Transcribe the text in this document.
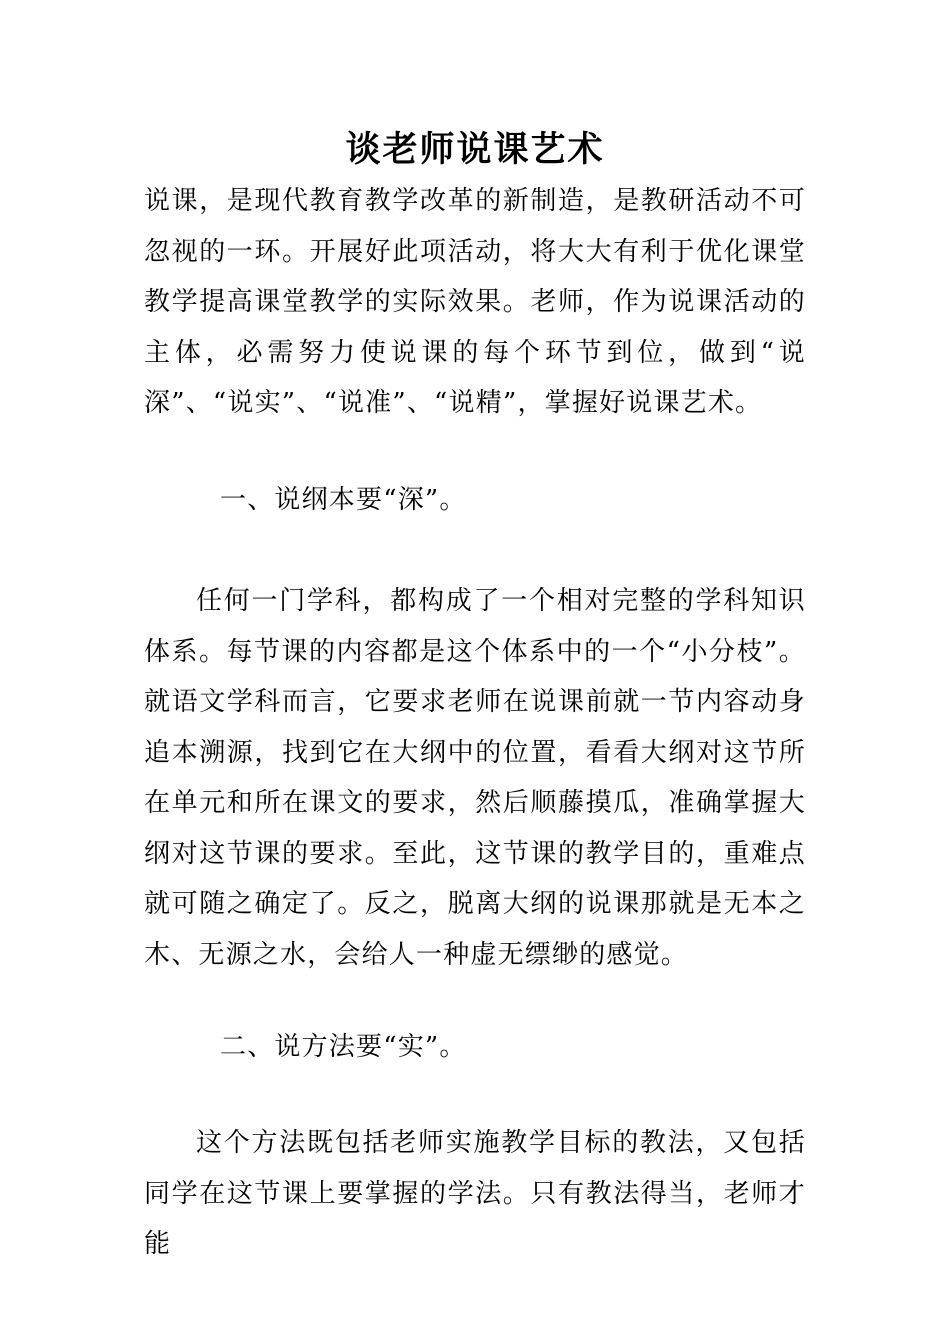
谈老师说课艺术
说课，是现代教育教学改革的新制造，是教研活动不可忽视的一环。开展好此项活动，将大大有利于优化课堂教学提高课堂教学的实际效果。老师，作为说课活动的主体，必需努力使说课的每个环节到位，做到“说深”、“说实”、“说准”、“说精”，掌握好说课艺术。
一、说纲本要“深”。
任何一门学科，都构成了一个相对完整的学科知识体系。每节课的内容都是这个体系中的一个“小分枝”。就语文学科而言，它要求老师在说课前就一节内容动身追本溯源，找到它在大纲中的位置，看看大纲对这节所在单元和所在课文的要求，然后顺藤摸瓜，准确掌握大纲对这节课的要求。至此，这节课的教学目的，重难点就可随之确定了。反之，脱离大纲的说课那就是无本之木、无源之水，会给人一种虚无缥缈的感觉。
二、说方法要“实”。
这个方法既包括老师实施教学目标的教法，又包括同学在这节课上要掌握的学法。只有教法得当，老师才能
